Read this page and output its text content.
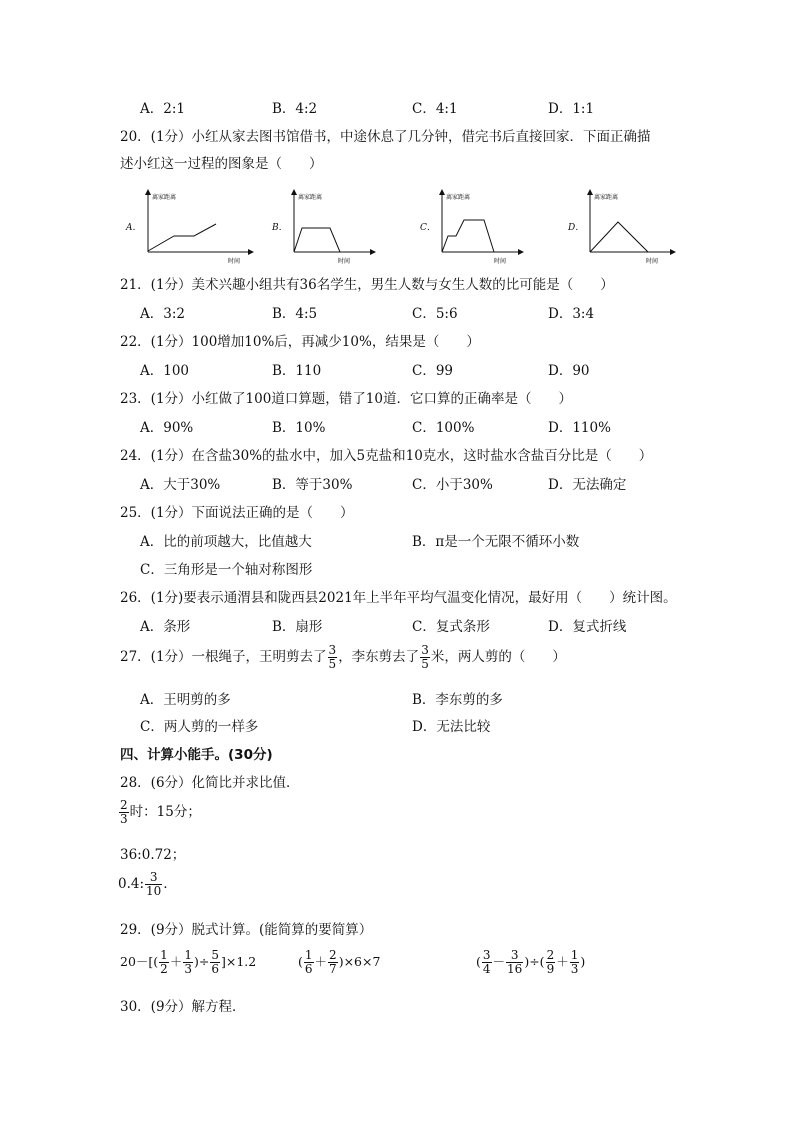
A．2:1	B．4:2	C．4:1	D．1:1
20．(1分）小红从家去图书馆借书，中途休息了几分钟，借完书后直接回家．下面正确描
述小红这一过程的图象是（　　）
A．
离家距离
时间
B．
离家距离
时间
C．
离家距离
时间
D．
离家距离
时间
21．(1分）美术兴趣小组共有36名学生，男生人数与女生人数的比可能是（　　）
A．3:2	B．4:5	C．5:6	D．3:4
22．(1分）100增加10%后，再减少10%，结果是（　　）
A．100	B．110	C．99	D．90
23．(1分）小红做了100道口算题，错了10道．它口算的正确率是（　　）
A．90%	B．10%	C．100%	D．110%
24．(1分）在含盐30%的盐水中，加入5克盐和10克水，这时盐水含盐百分比是（　　）
A．大于30%	B．等于30%	C．小于30%	D．无法确定
25．(1分）下面说法正确的是（　　）
A．比的前项越大，比值越大	B．π是一个无限不循环小数
C．三角形是一个轴对称图形
26．(1分)要表示通渭县和陇西县2021年上半年平均气温变化情况，最好用（　　）统计图。
A．条形	B．扇形	C．复式条形	D．复式折线
27．(1分）一根绳子，王明剪去了 $\frac{3}{5}$ ，李东剪去了 $\frac{3}{5}$ 米，两人剪的（　　）
A．王明剪的多	B．李东剪的多
C．两人剪的一样多	D．无法比较
四、计算小能手。(30分)
28．(6分）化简比并求比值．
$\frac{2}{3}$ 时：15分；
36:0.72；
0.4: $\frac{3}{10}$ ．
29．(9分）脱式计算。(能简算的要简算）
$20-[( \frac{1}{2} + \frac{1}{3}$ )÷ $\frac{5}{6} ]\times 1.2$	( $\frac{1}{6} + \frac{2}{7} )\times 6\times 7$	( $\frac{3}{4} - \frac{3}{16}$ )÷( $\frac{2}{9} + \frac{1}{3}$ )
30．(9分）解方程．
